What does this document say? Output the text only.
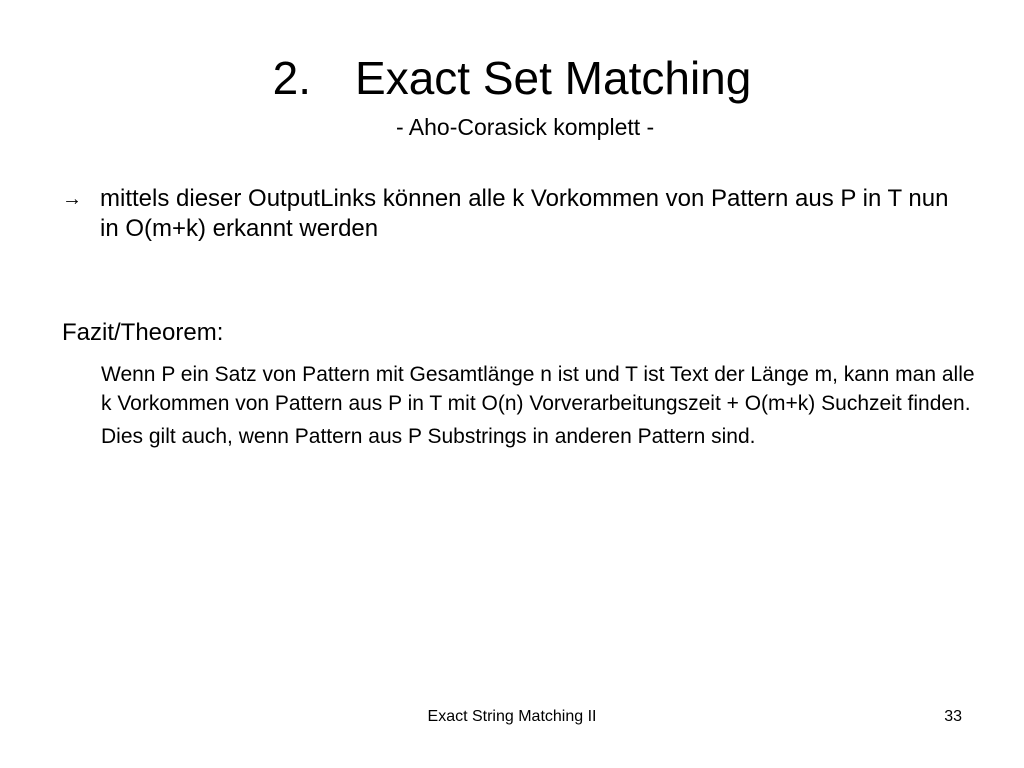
2. Exact Set Matching
- Aho-Corasick komplett -
→ mittels dieser OutputLinks können alle k Vorkommen von Pattern aus P in T nun in O(m+k) erkannt werden
Fazit/Theorem:

Wenn P ein Satz von Pattern mit Gesamtlänge n ist und T ist Text der Länge m, kann man alle k Vorkommen von Pattern aus P in T mit O(n) Vorverarbeitungszeit + O(m+k) Suchzeit finden.

Dies gilt auch, wenn Pattern aus P Substrings in anderen Pattern sind.

Exact String Matching II	33
